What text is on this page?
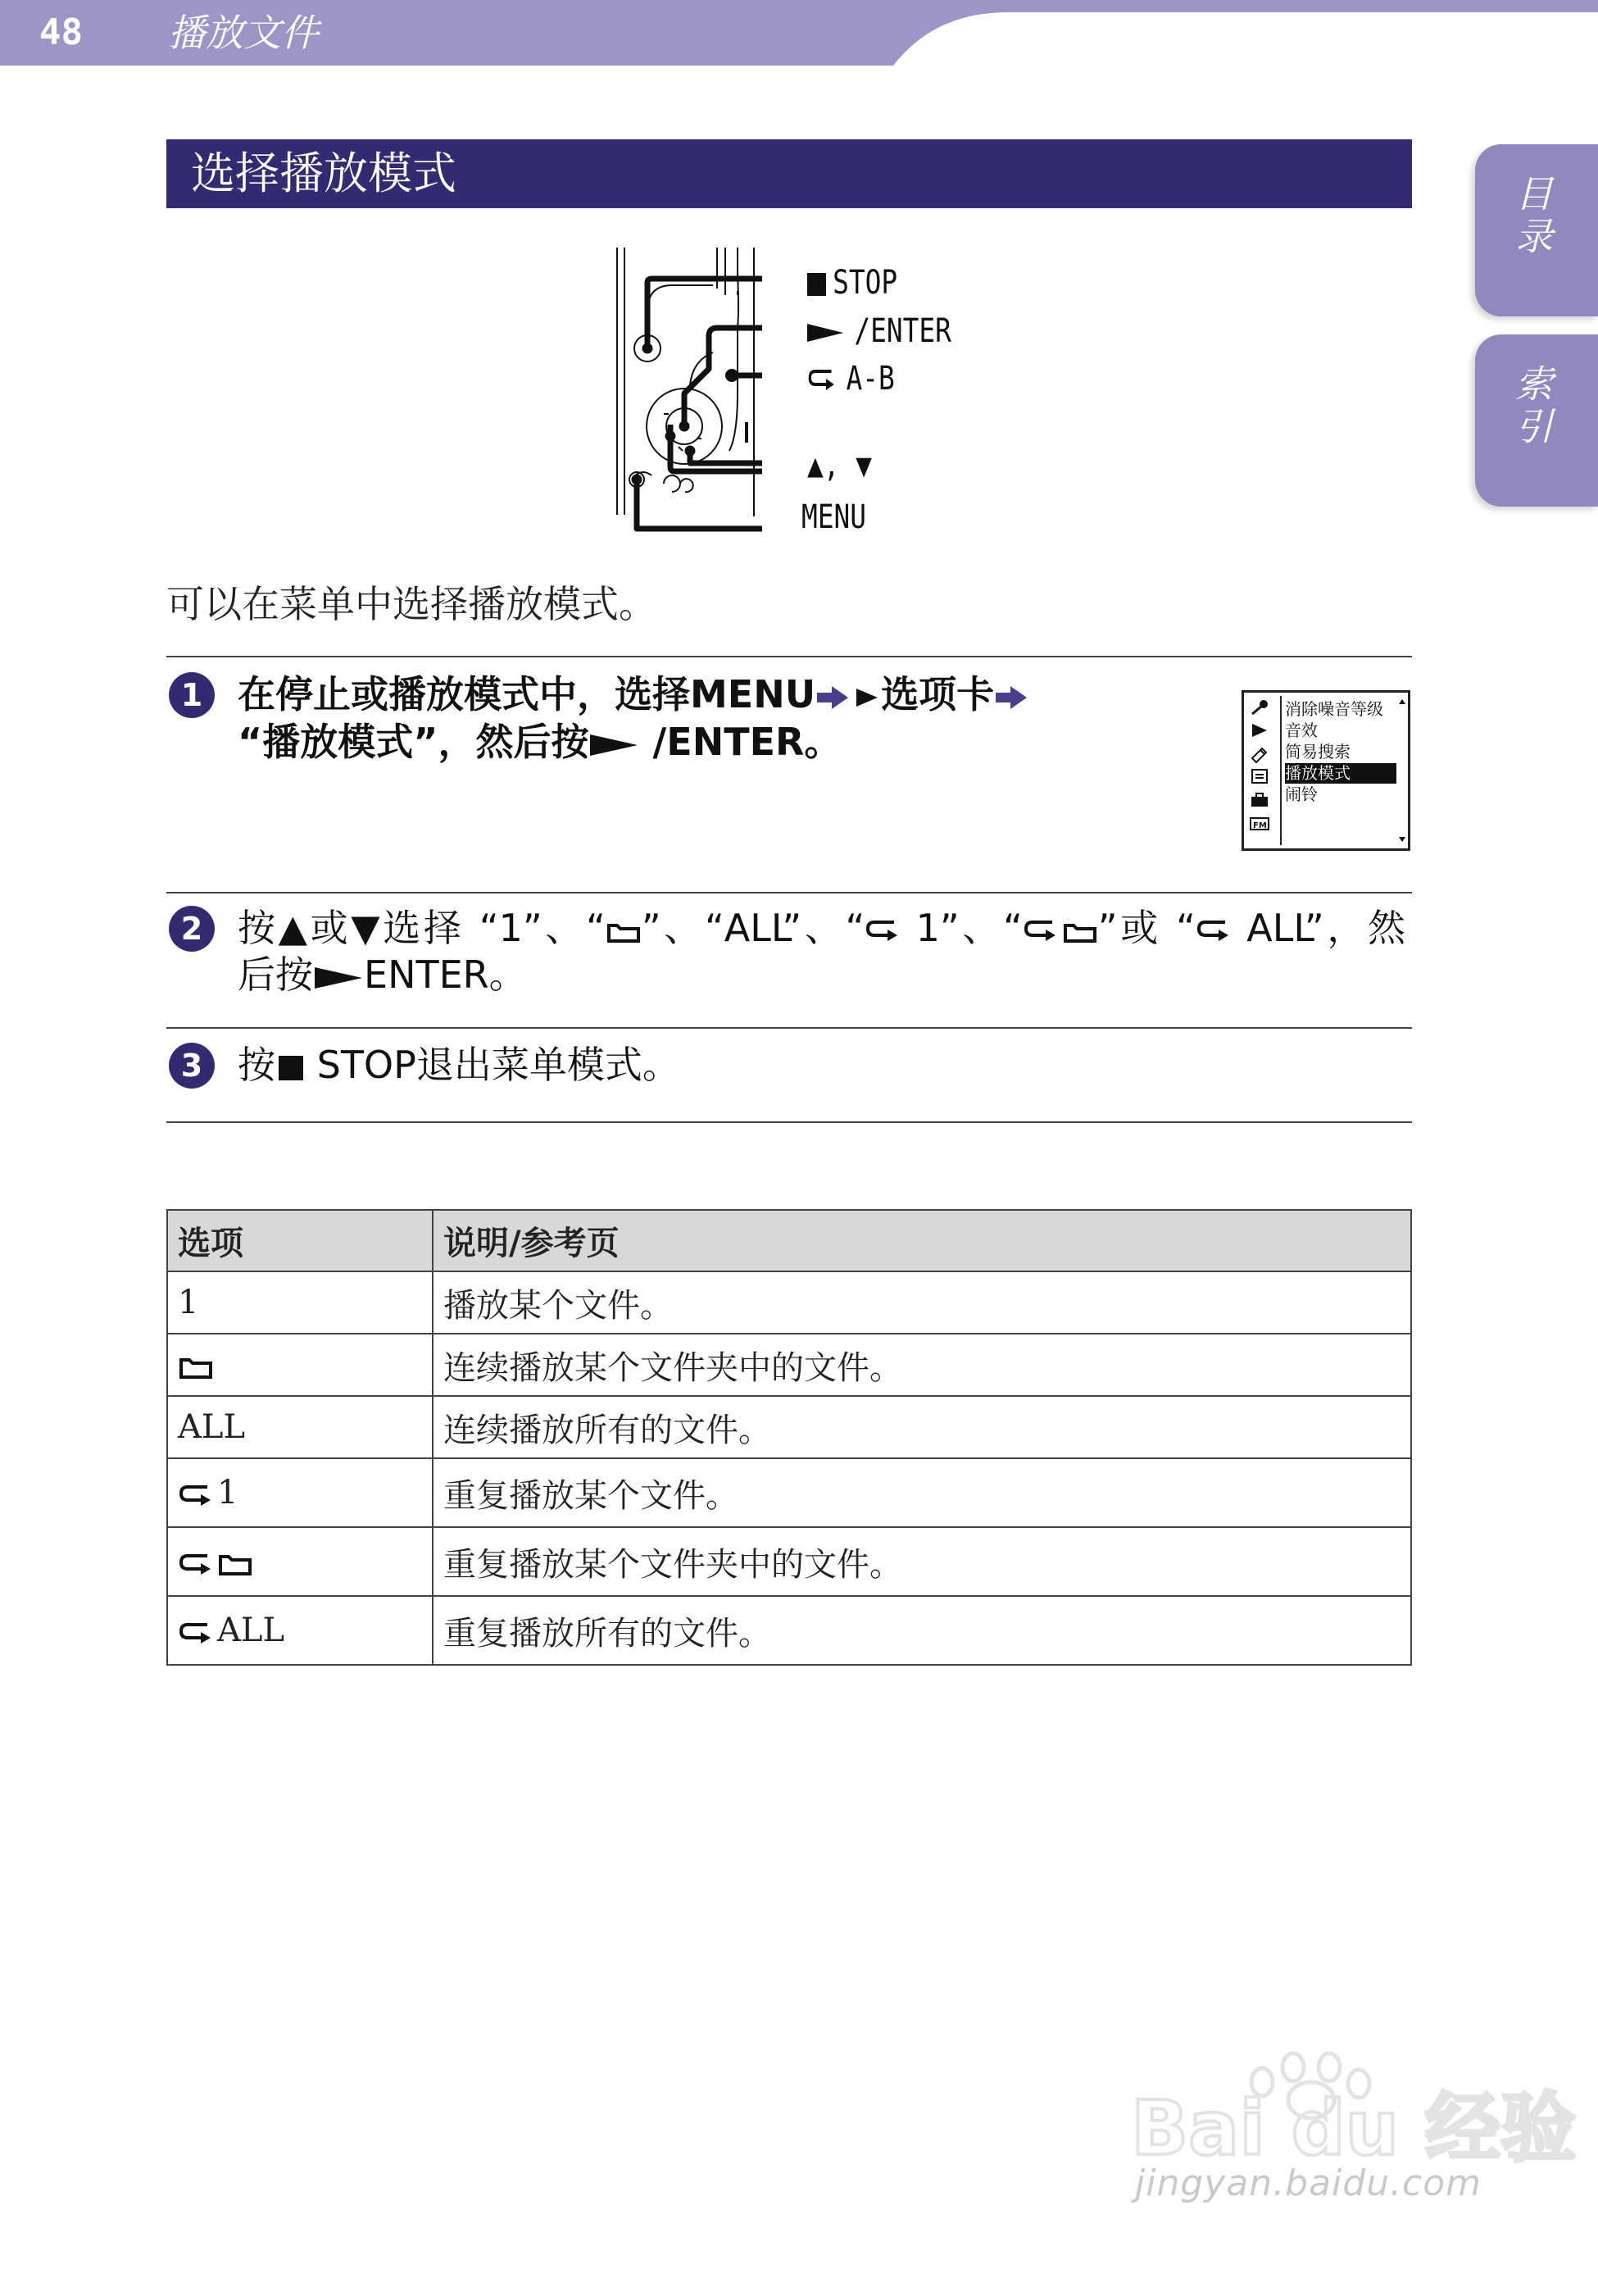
48 播放文件
目录
索引
选择播放模式
STOP
/ENTER
A-B
▲, ▼
MENU
可以在菜单中选择播放模式。
1 在停止或播放模式中，选择MENU 选项卡
“播放模式”，然后按 /ENTER。
FM
消除噪音等级
音效
简易搜索
播放模式
闹铃
2 按▲或▼选择 “1”、“ ”、“ALL”、“ 1”、“ ”或 “ ALL”，然
后按 ENTER。
3 按 STOP退出菜单模式。
选项	说明/参考页
1	播放某个文件。
	连续播放某个文件夹中的文件。
ALL	连续播放所有的文件。
1	重复播放某个文件。
	重复播放某个文件夹中的文件。
ALL	重复播放所有的文件。
Bai du 经验
jingyan.baidu.com
